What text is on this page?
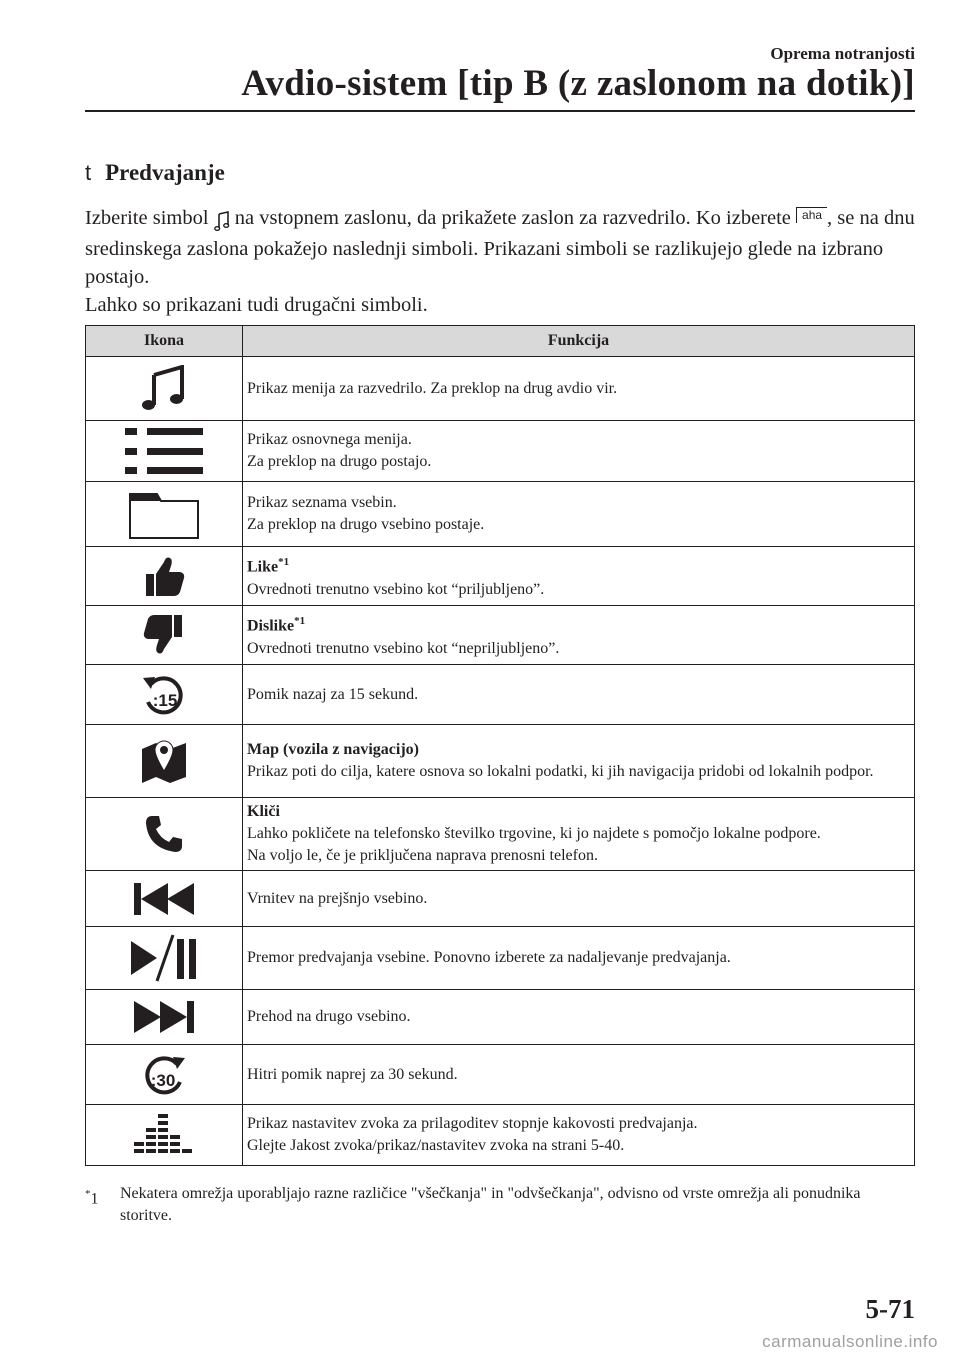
Oprema notranjosti
Avdio-sistem [tip B (z zaslonom na dotik)]
t Predvajanje

Izberite simbol  na vstopnem zaslonu, da prikažete zaslon za razvedrilo. Ko izberete aha , se na dnu sredinskega zaslona pokažejo naslednji simboli. Prikazani simboli se razlikujejo glede na izbrano postajo.

Lahko so prikazani tudi drugačni simboli.

Ikona	Funkcija

Prikaz menija za razvedrilo. Za preklop na drug avdio vir.

Prikaz osnovnega menija.
Za preklop na drugo postajo.

Prikaz seznama vsebin.
Za preklop na drugo vsebino postaje.

Like$^{*1}$
Ovrednoti trenutno vsebino kot “priljubljeno”.

Dislike$^{*1}$
Ovrednoti trenutno vsebino kot “nepriljubljeno”.

:15	Pomik nazaj za 15 sekund.

Map (vozila z navigacijo)
Prikaz poti do cilja, katere osnova so lokalni podatki, ki jih navigacija pridobi od lokalnih podpor.

Kliči
Lahko pokličete na telefonsko številko trgovine, ki jo najdete s pomočjo lokalne podpore.
Na voljo le, če je priključena naprava prenosni telefon.

Vrnitev na prejšnjo vsebino.

Premor predvajanja vsebine. Ponovno izberete za nadaljevanje predvajanja.

Prehod na drugo vsebino.

:30	Hitri pomik naprej za 30 sekund.

Prikaz nastavitev zvoka za prilagoditev stopnje kakovosti predvajanja.
Glejte Jakost zvoka/prikaz/nastavitev zvoka na strani 5-40.
*1 Nekatera omrežja uporabljajo razne različice "všečkanja" in "odvšečkanja", odvisno od vrste omrežja ali ponudnika storitve.
5-71
carmanualsonline.info
